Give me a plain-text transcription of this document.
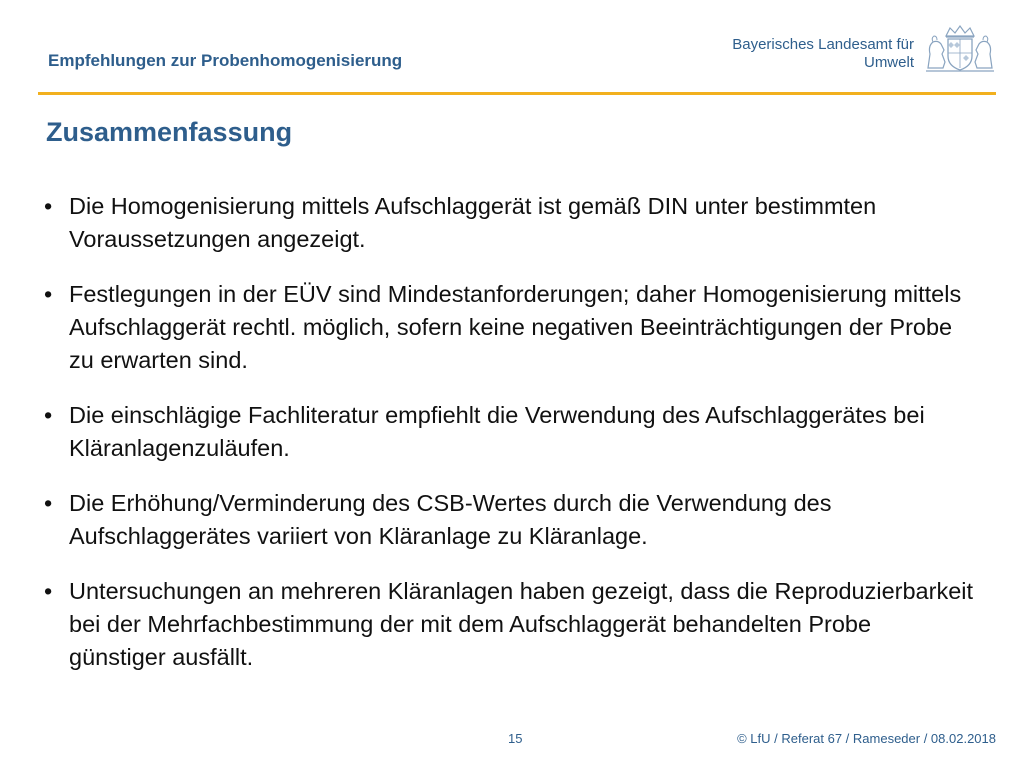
Empfehlungen zur Probenhomogenisierung
Bayerisches Landesamt für
Umwelt
Zusammenfassung
• Die Homogenisierung mittels Aufschlaggerät ist gemäß DIN unter bestimmten Voraussetzungen angezeigt.
• Festlegungen in der EÜV sind Mindestanforderungen; daher Homogenisierung mittels Aufschlaggerät rechtl. möglich, sofern keine negativen Beeinträchtigungen der Probe zu erwarten sind.
• Die einschlägige Fachliteratur empfiehlt die Verwendung des Aufschlaggerätes bei Kläranlagenzuläufen.
• Die Erhöhung/Verminderung des CSB-Wertes durch die Verwendung des Aufschlaggerätes variiert von Kläranlage zu Kläranlage.
• Untersuchungen an mehreren Kläranlagen haben gezeigt, dass die Reproduzierbarkeit bei der Mehrfachbestimmung der mit dem Aufschlaggerät behandelten Probe günstiger ausfällt.
15	© LfU / Referat 67 / Rameseder / 08.02.2018
